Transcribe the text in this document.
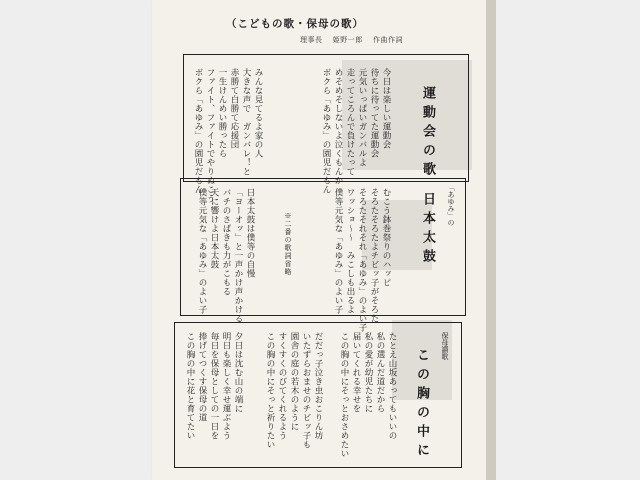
（こどもの歌・保母の歌）
理事長 　姫野一郎 　作曲作詞
運動会の歌
今日は楽しい運動会
待ちに待ってた運動会
元気いっぱいガンバルよ
走ってころんで負けたって
めそめそしないよ泣くもんか
ボクら「あゆみ」の園児だもん
みんな見てるよ家の人
大きな声で　ガンバレ！と
赤勝て白勝て応援団
一生けんめい勝ったら
ファイト、ファイトでやりぬこう
ボクら「あゆみ」の園児だもん
「あゆみ」の
日本太鼓
むこう鉢巻祭りのハッピ
そろたそろたよチビッ子がそろた
そろたそれそれ「あゆみ」のよい子
ワッショ〜〜　みこしも出るよ
僕等元気な「あゆみ」のよい子
※二番の歌詞省略
日本太鼓は僕等の自慢
「ヨーオッ」と一声かけ声かける
バチのさばきも力がこもる
天に響けよ日本太鼓
僕等元気な「あゆみ」のよい子
保母讃歌
この胸の中に
たとえ山坂あってもいいの
私の選んだ道だから
私の愛が幼児たちに
届いてくれる幸せを
この胸の中にそっとおさめたい
だだっ子泣き虫おこりん坊
いたずらおませのチビッ子も
園舎の庭の若木のように
すくすくのびてくれるよう
この胸の中にそっと祈りたい
夕日は沈む山の端に
明日も楽しく幸せ運ぶよう
毎日を保母としての一日を
捧げてつくす保母の道
この胸の中に花と育てたい
